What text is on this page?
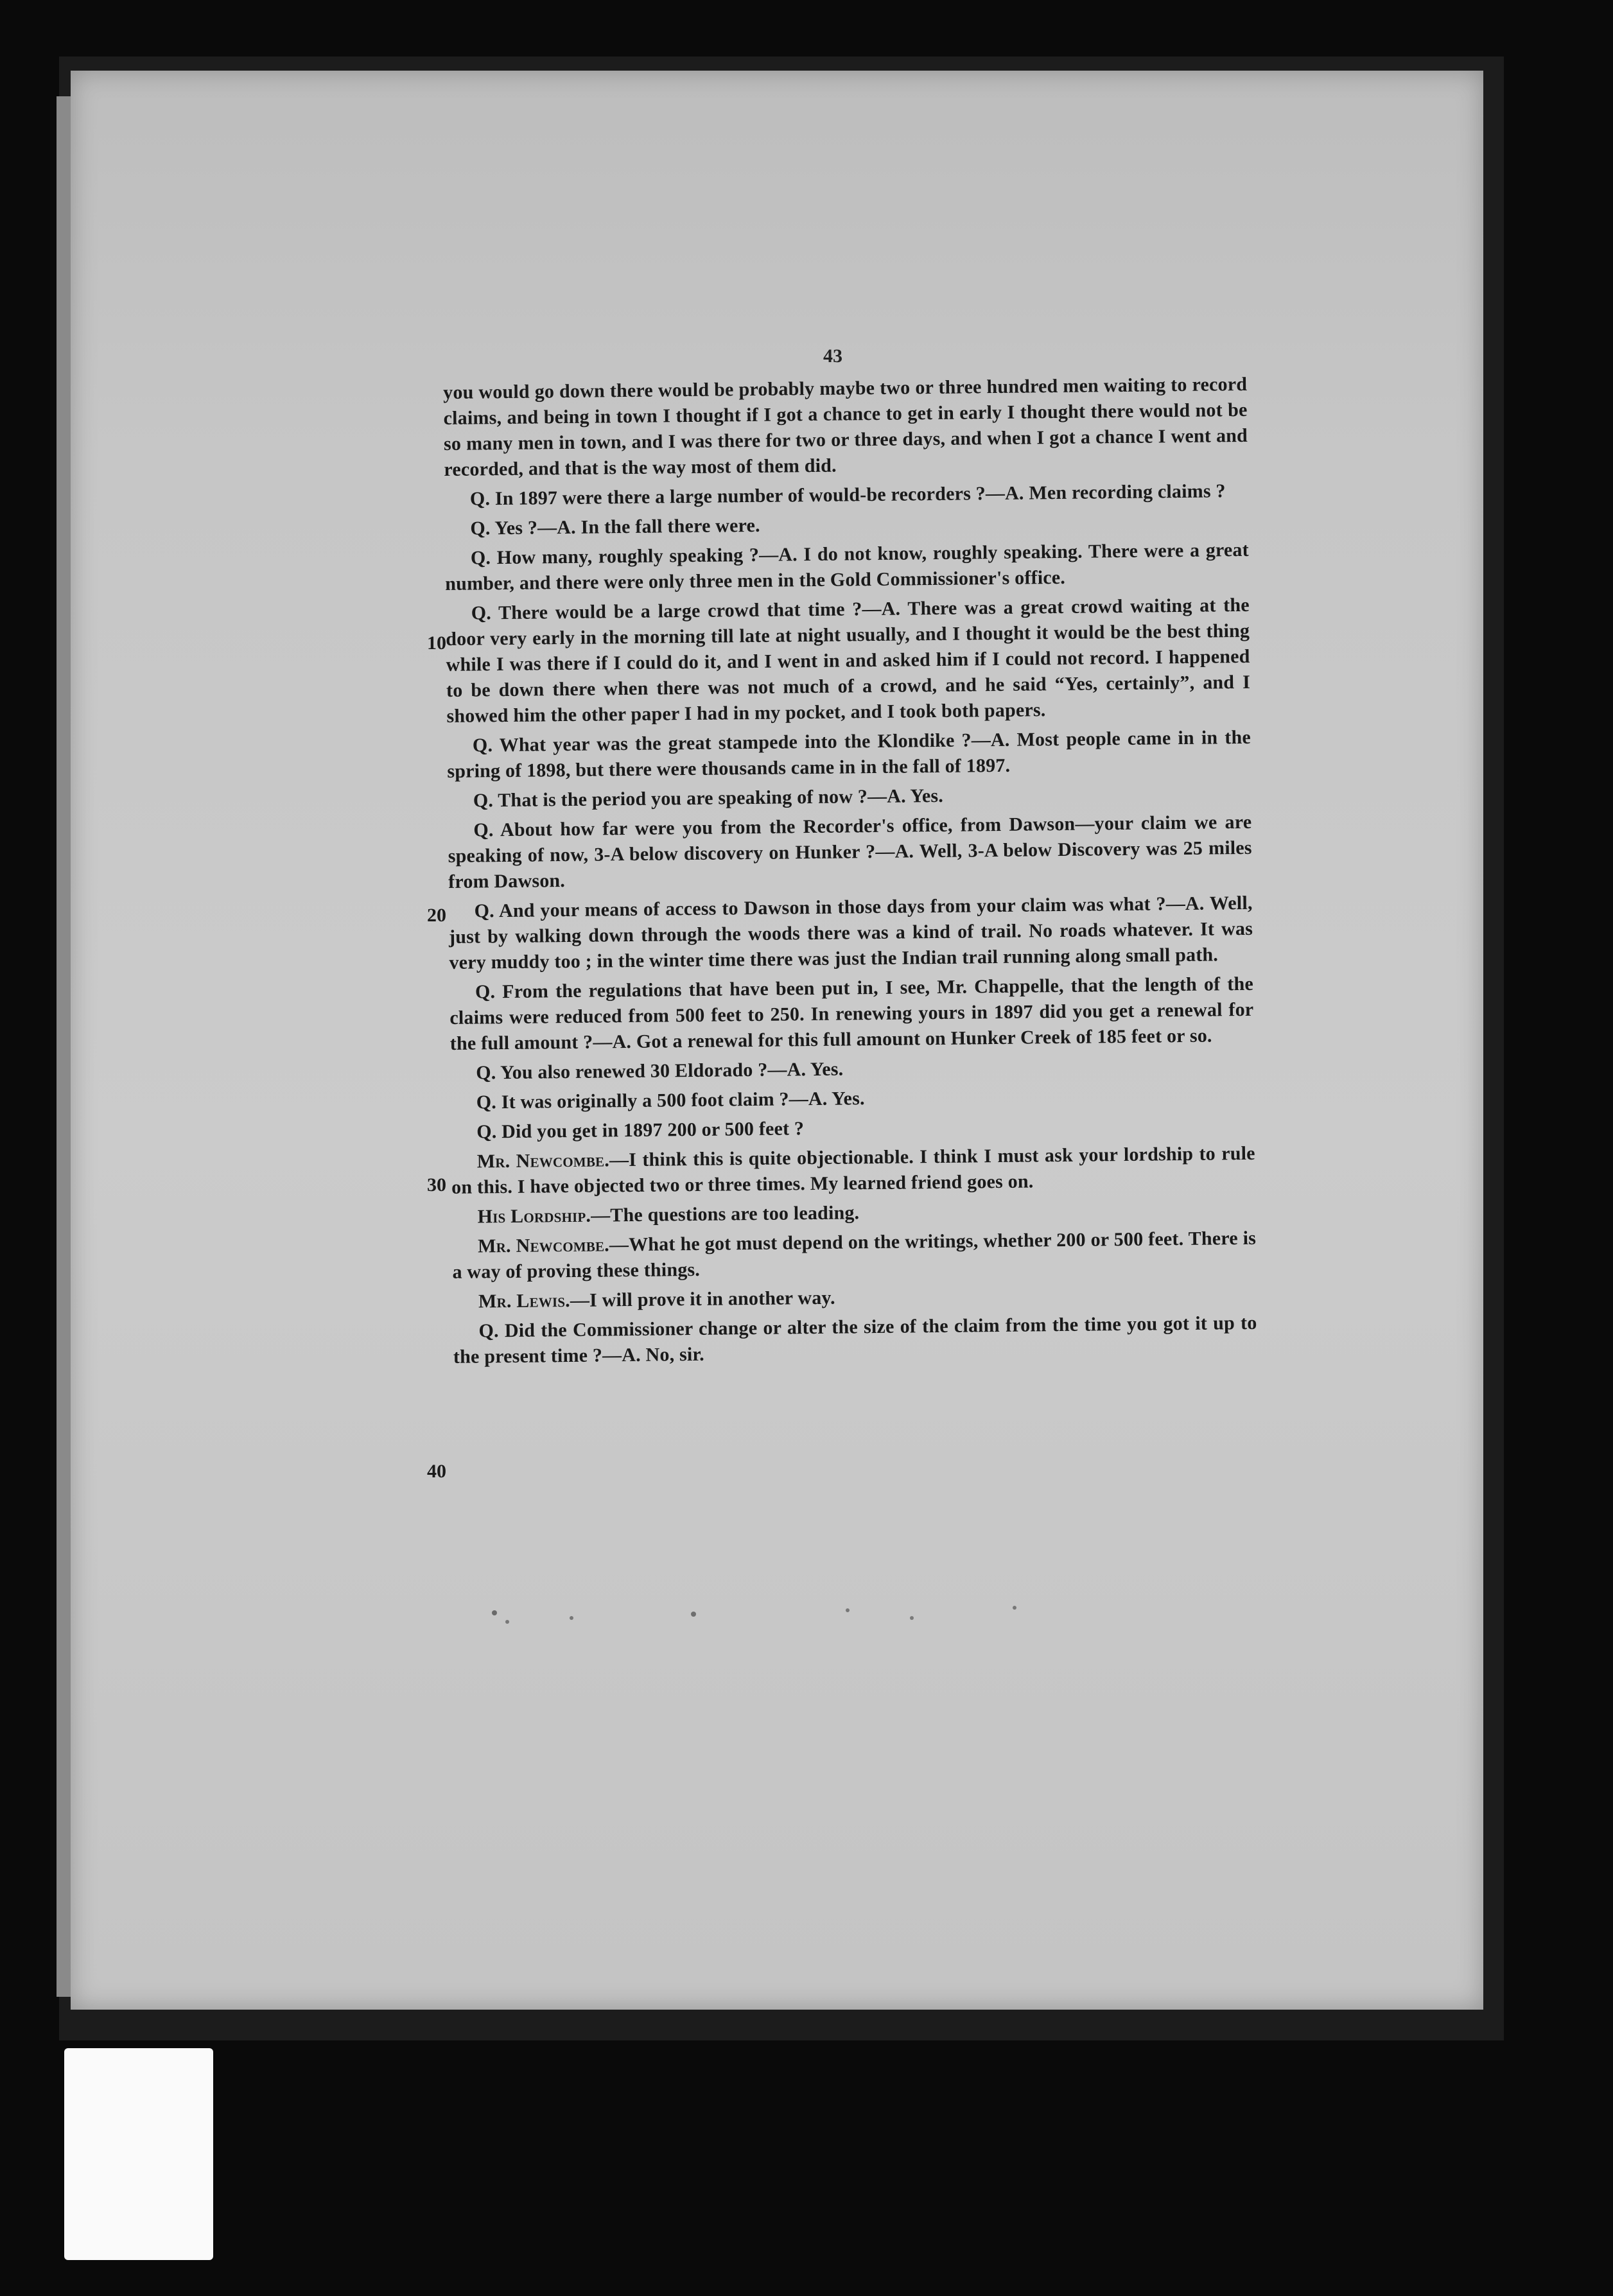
43
10
20
30
40

you would go down there would be probably maybe two or three hundred men waiting to record claims, and being in town I thought if I got a chance to get in early I thought there would not be so many men in town, and I was there for two or three days, and when I got a chance I went and recorded, and that is the way most of them did.

Q. In 1897 were there a large number of would-be recorders ?—A. Men recording claims ?

Q. Yes ?—A. In the fall there were.

Q. How many, roughly speaking ?—A. I do not know, roughly speaking. There were a great number, and there were only three men in the Gold Commissioner's office.

Q. There would be a large crowd that time ?—A. There was a great crowd waiting at the door very early in the morning till late at night usually, and I thought it would be the best thing while I was there if I could do it, and I went in and asked him if I could not record. I happened to be down there when there was not much of a crowd, and he said “Yes, certainly”, and I showed him the other paper I had in my pocket, and I took both papers.

Q. What year was the great stampede into the Klondike ?—A. Most people came in in the spring of 1898, but there were thousands came in in the fall of 1897.

Q. That is the period you are speaking of now ?—A. Yes.

Q. About how far were you from the Recorder's office, from Dawson—your claim we are speaking of now, 3-A below discovery on Hunker ?—A. Well, 3-A below Discovery was 25 miles from Dawson.

Q. And your means of access to Dawson in those days from your claim was what ?—A. Well, just by walking down through the woods there was a kind of trail. No roads whatever. It was very muddy too ; in the winter time there was just the Indian trail running along small path.

Q. From the regulations that have been put in, I see, Mr. Chappelle, that the length of the claims were reduced from 500 feet to 250. In renewing yours in 1897 did you get a renewal for the full amount ?—A. Got a renewal for this full amount on Hunker Creek of 185 feet or so.

Q. You also renewed 30 Eldorado ?—A. Yes.

Q. It was originally a 500 foot claim ?—A. Yes.

Q. Did you get in 1897 200 or 500 feet ?

Mr. Newcombe.—I think this is quite objectionable. I think I must ask your lordship to rule on this. I have objected two or three times. My learned friend goes on.

His Lordship.—The questions are too leading.

Mr. Newcombe.—What he got must depend on the writings, whether 200 or 500 feet. There is a way of proving these things.

Mr. Lewis.—I will prove it in another way.

Q. Did the Commissioner change or alter the size of the claim from the time you got it up to the present time ?—A. No, sir.
